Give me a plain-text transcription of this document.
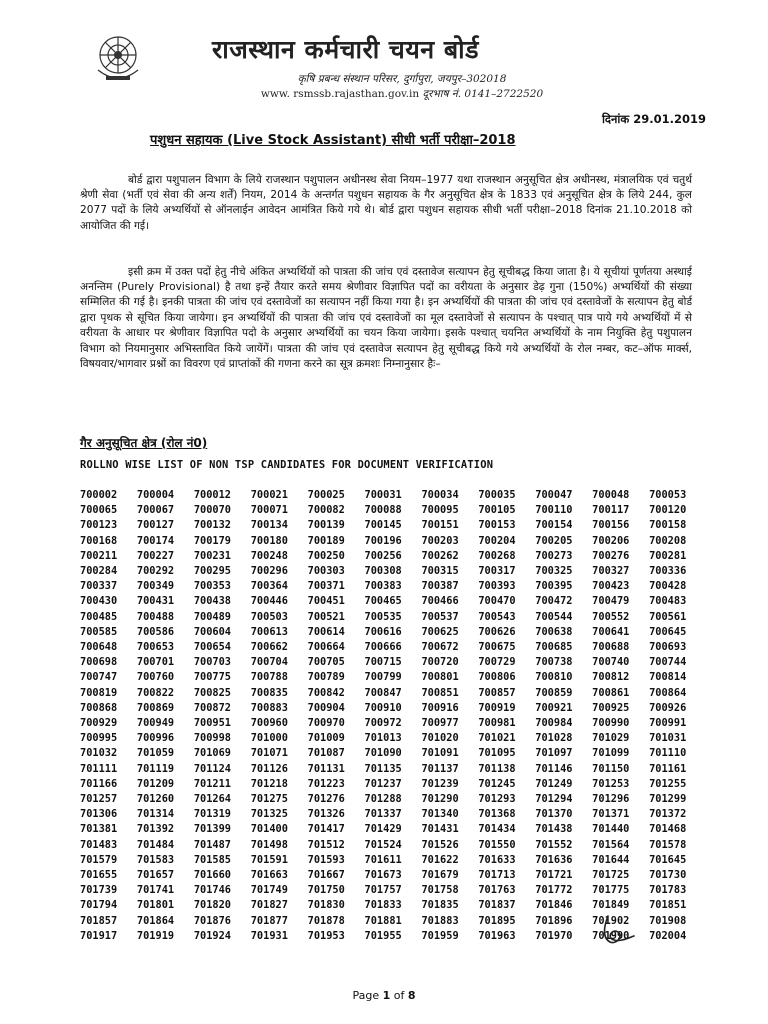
राजस्थान कर्मचारी चयन बोर्ड
कृषि प्रबन्ध संस्थान परिसर, दुर्गापुरा, जयपुर–302018
www. rsmssb.rajasthan.gov.in दूरभाष नं. 0141–2722520
दिनांक 29.01.2019
पशुधन सहायक (Live Stock Assistant) सीधी भर्ती परीक्षा–2018

बोर्ड द्वारा पशुपालन विभाग के लिये राजस्थान पशुपालन अधीनस्थ सेवा नियम–1977 यथा राजस्थान अनुसूचित क्षेत्र अधीनस्थ, मंत्रालयिक एवं चतुर्थ श्रेणी सेवा (भर्ती एवं सेवा की अन्य शर्तें) नियम, 2014 के अन्तर्गत पशुधन सहायक के गैर अनुसूचित क्षेत्र के 1833 एवं अनुसूचित क्षेत्र के लिये 244, कुल 2077 पदों के लिये अभ्यर्थियों से ऑनलाईन आवेदन आमंत्रित किये गये थे। बोर्ड द्वारा पशुधन सहायक सीधी भर्ती परीक्षा–2018 दिनांक 21.10.2018 को आयोजित की गई।

इसी क्रम में उक्त पदों हेतु नीचे अंकित अभ्यर्थियों को पात्रता की जांच एवं दस्तावेज सत्यापन हेतु सूचीबद्ध किया जाता है। ये सूचीयां पूर्णतया अस्थाई अनन्तिम (Purely Provisional) है तथा इन्हें तैयार करते समय श्रेणीवार विज्ञापित पदों का वरीयता के अनुसार डेढ़ गुना (150%) अभ्यर्थियों की संख्या सम्मिलित की गई है। इनकी पात्रता की जांच एवं दस्तावेजों का सत्यापन नहीं किया गया है। इन अभ्यर्थियों की पात्रता की जांच एवं दस्तावेजों के सत्यापन हेतु बोर्ड द्वारा पृथक से सूचित किया जायेगा। इन अभ्यर्थियों की पात्रता की जांच एवं दस्तावेजों का मूल दस्तावेजों से सत्यापन के पश्चात् पात्र पाये गये अभ्यर्थियों में से वरीयता के आधार पर श्रेणीवार विज्ञापित पदो के अनुसार अभ्यर्थियों का चयन किया जायेगा। इसके पश्चात् चयनित अभ्यर्थियों के नाम नियुक्ति हेतु पशुपालन विभाग को नियमानुसार अभिस्तावित किये जायेंगें। पात्रता की जांच एवं दस्तावेज सत्यापन हेतु सूचीबद्ध किये गये अभ्यर्थियों के रोल नम्बर, कट–ऑफ मार्क्स, विषयवार/भागवार प्रश्नों का विवरण एवं प्राप्तांकों की गणना करने का सूत्र क्रमशः निम्नानुसार हैः–

गैर अनुसूचित क्षेत्र (रोल नं0)
ROLLNO WISE LIST OF NON TSP CANDIDATES FOR DOCUMENT VERIFICATION
700002	700004	700012	700021	700025	700031	700034	700035	700047	700048	700053
700065	700067	700070	700071	700082	700088	700095	700105	700110	700117	700120
700123	700127	700132	700134	700139	700145	700151	700153	700154	700156	700158
700168	700174	700179	700180	700189	700196	700203	700204	700205	700206	700208
700211	700227	700231	700248	700250	700256	700262	700268	700273	700276	700281
700284	700292	700295	700296	700303	700308	700315	700317	700325	700327	700336
700337	700349	700353	700364	700371	700383	700387	700393	700395	700423	700428
700430	700431	700438	700446	700451	700465	700466	700470	700472	700479	700483
700485	700488	700489	700503	700521	700535	700537	700543	700544	700552	700561
700585	700586	700604	700613	700614	700616	700625	700626	700638	700641	700645
700648	700653	700654	700662	700664	700666	700672	700675	700685	700688	700693
700698	700701	700703	700704	700705	700715	700720	700729	700738	700740	700744
700747	700760	700775	700788	700789	700799	700801	700806	700810	700812	700814
700819	700822	700825	700835	700842	700847	700851	700857	700859	700861	700864
700868	700869	700872	700883	700904	700910	700916	700919	700921	700925	700926
700929	700949	700951	700960	700970	700972	700977	700981	700984	700990	700991
700995	700996	700998	701000	701009	701013	701020	701021	701028	701029	701031
701032	701059	701069	701071	701087	701090	701091	701095	701097	701099	701110
701111	701119	701124	701126	701131	701135	701137	701138	701146	701150	701161
701166	701209	701211	701218	701223	701237	701239	701245	701249	701253	701255
701257	701260	701264	701275	701276	701288	701290	701293	701294	701296	701299
701306	701314	701319	701325	701326	701337	701340	701368	701370	701371	701372
701381	701392	701399	701400	701417	701429	701431	701434	701438	701440	701468
701483	701484	701487	701498	701512	701524	701526	701550	701552	701564	701578
701579	701583	701585	701591	701593	701611	701622	701633	701636	701644	701645
701655	701657	701660	701663	701667	701673	701679	701713	701721	701725	701730
701739	701741	701746	701749	701750	701757	701758	701763	701772	701775	701783
701794	701801	701820	701827	701830	701833	701835	701837	701846	701849	701851
701857	701864	701876	701877	701878	701881	701883	701895	701896	701902	701908
701917	701919	701924	701931	701953	701955	701959	701963	701970	701990	702004
Page 1 of 8
